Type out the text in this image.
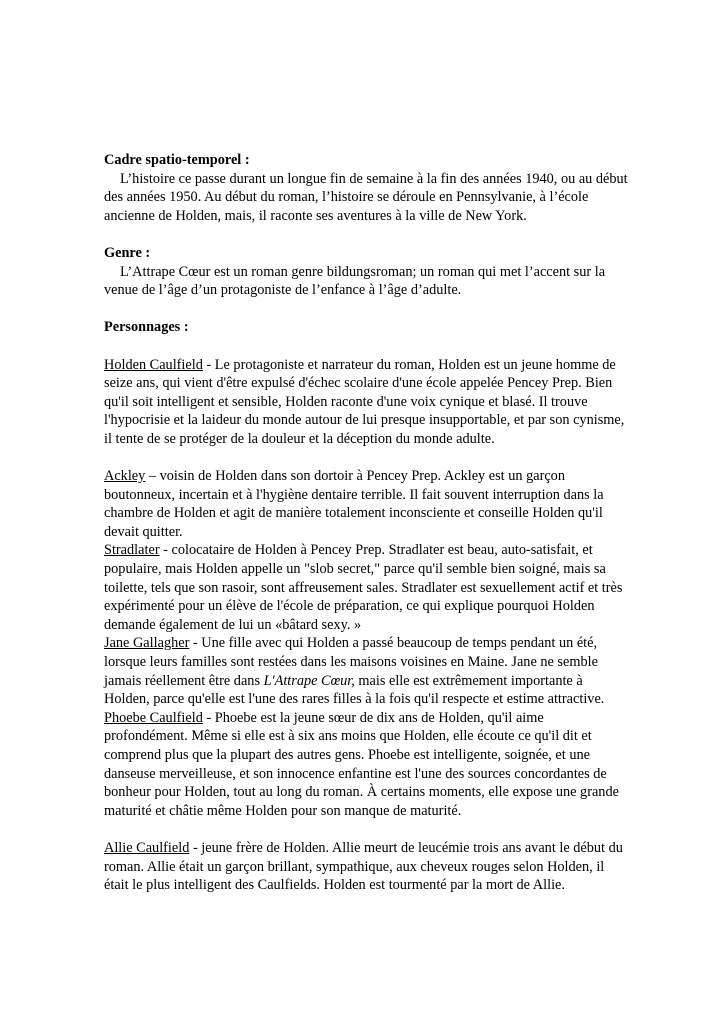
Cadre spatio-temporel :

L’histoire ce passe durant un longue fin de semaine à la fin des années 1940, ou au début des années 1950. Au début du roman, l’histoire se déroule en Pennsylvanie, à l’école ancienne de Holden, mais, il raconte ses aventures à la ville de New York.

Genre :

L’Attrape Cœur est un roman genre bildungsroman; un roman qui met l’accent sur la venue de l’âge d’un protagoniste de l’enfance à l’âge d’adulte.

Personnages :

Holden Caulfield - Le protagoniste et narrateur du roman, Holden est un jeune homme de seize ans, qui vient d'être expulsé d'échec scolaire d'une école appelée Pencey Prep. Bien qu'il soit intelligent et sensible, Holden raconte d'une voix cynique et blasé. Il trouve l'hypocrisie et la laideur du monde autour de lui presque insupportable, et par son cynisme, il tente de se protéger de la douleur et la déception du monde adulte.

Ackley – voisin de Holden dans son dortoir à Pencey Prep. Ackley est un garçon boutonneux, incertain et à l'hygiène dentaire terrible. Il fait souvent interruption dans la chambre de Holden et agit de manière totalement inconsciente et conseille Holden qu'il devait quitter.

Stradlater - colocataire de Holden à Pencey Prep. Stradlater est beau, auto-satisfait, et populaire, mais Holden appelle un "slob secret," parce qu'il semble bien soigné, mais sa toilette, tels que son rasoir, sont affreusement sales. Stradlater est sexuellement actif et très expérimenté pour un élève de l'école de préparation, ce qui explique pourquoi Holden demande également de lui un «bâtard sexy. »

Jane Gallagher - Une fille avec qui Holden a passé beaucoup de temps pendant un été, lorsque leurs familles sont restées dans les maisons voisines en Maine. Jane ne semble jamais réellement être dans L'Attrape Cœur, mais elle est extrêmement importante à Holden, parce qu'elle est l'une des rares filles à la fois qu'il respecte et estime attractive.

Phoebe Caulfield - Phoebe est la jeune sœur de dix ans de Holden, qu'il aime profondément. Même si elle est à six ans moins que Holden, elle écoute ce qu'il dit et comprend plus que la plupart des autres gens. Phoebe est intelligente, soignée, et une danseuse merveilleuse, et son innocence enfantine est l'une des sources concordantes de bonheur pour Holden, tout au long du roman. À certains moments, elle expose une grande maturité et châtie même Holden pour son manque de maturité.

Allie Caulfield - jeune frère de Holden. Allie meurt de leucémie trois ans avant le début du roman. Allie était un garçon brillant, sympathique, aux cheveux rouges selon Holden, il était le plus intelligent des Caulfields. Holden est tourmenté par la mort de Allie.
